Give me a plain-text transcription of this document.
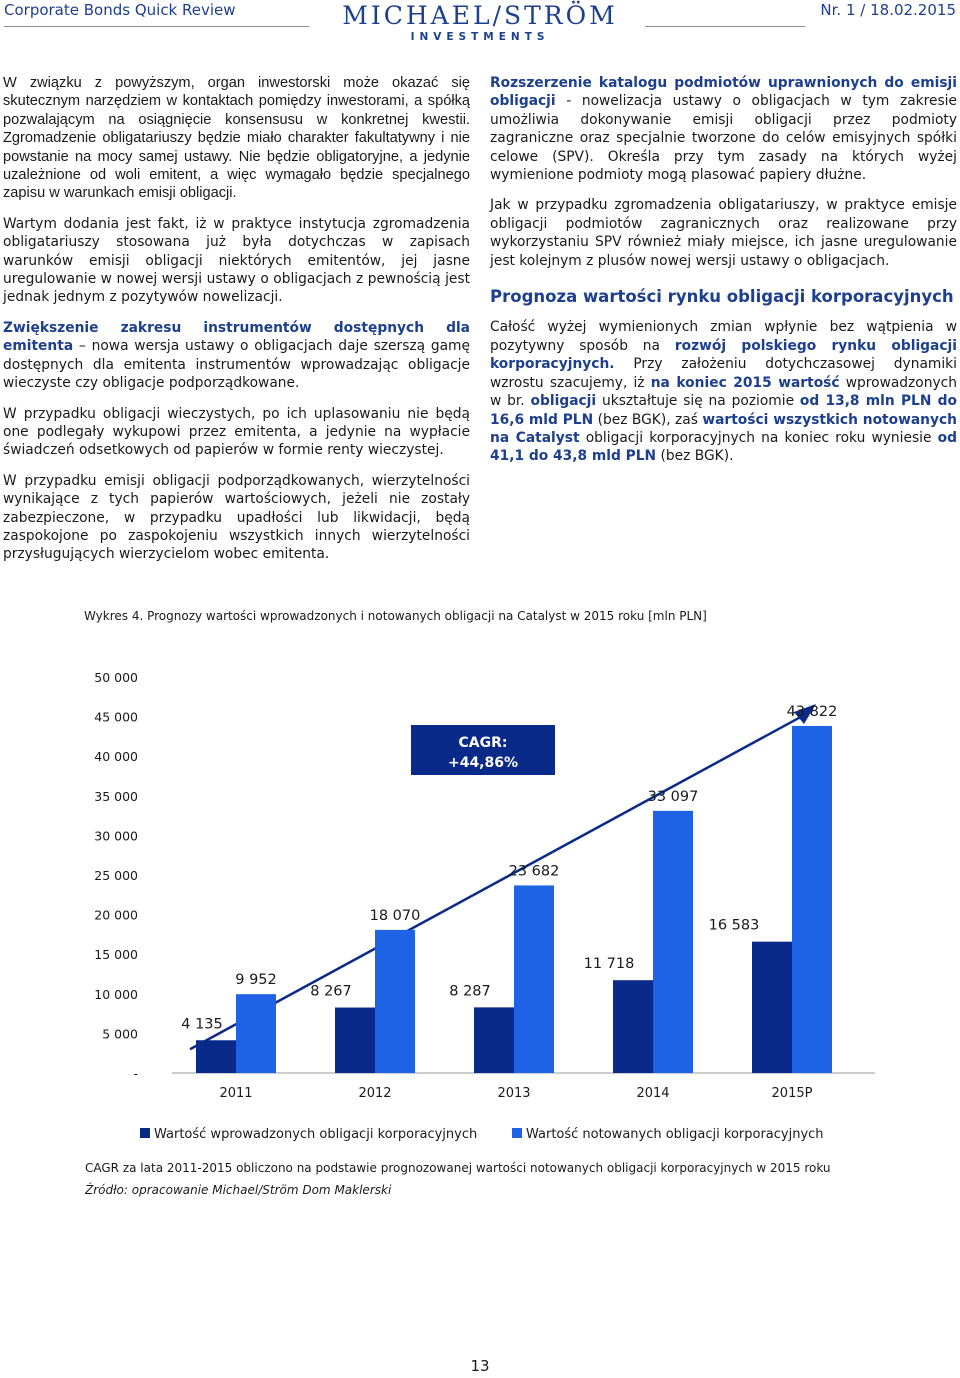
Corporate Bonds Quick Review	MICHAEL/STRÖM
INVESTMENTS
Nr. 1 / 18.02.2015

W związku z powyższym, organ inwestorski może okazać się skutecznym narzędziem w kontaktach pomiędzy inwestorami, a spółką pozwalającym na osiągnięcie konsensusu w konkretnej kwestii. Zgromadzenie obligatariuszy będzie miało charakter fakultatywny i nie powstanie na mocy samej ustawy. Nie będzie obligatoryjne, a jedynie uzależnione od woli emitent, a więc wymagało będzie specjalnego zapisu w warunkach emisji obligacji.

Wartym dodania jest fakt, iż w praktyce instytucja zgromadzenia obligatariuszy stosowana już była dotychczas w zapisach warunków emisji obligacji niektórych emitentów, jej jasne uregulowanie w nowej wersji ustawy o obligacjach z pewnością jest jednak jednym z pozytywów nowelizacji.

Zwiększenie zakresu instrumentów dostępnych dla emitenta – nowa wersja ustawy o obligacjach daje szerszą gamę dostępnych dla emitenta instrumentów wprowadzając obligacje wieczyste czy obligacje podporządkowane.

W przypadku obligacji wieczystych, po ich uplasowaniu nie będą one podlegały wykupowi przez emitenta, a jedynie na wypłacie świadczeń odsetkowych od papierów w formie renty wieczystej.

W przypadku emisji obligacji podporządkowanych, wierzytelności wynikające z tych papierów wartościowych, jeżeli nie zostały zabezpieczone, w przypadku upadłości lub likwidacji, będą zaspokojone po zaspokojeniu wszystkich innych wierzytelności przysługujących wierzycielom wobec emitenta.

Rozszerzenie katalogu podmiotów uprawnionych do emisji obligacji - nowelizacja ustawy o obligacjach w tym zakresie umożliwia dokonywanie emisji obligacji przez podmioty zagraniczne oraz specjalnie tworzone do celów emisyjnych spółki celowe (SPV). Określa przy tym zasady na których wyżej wymienione podmioty mogą plasować papiery dłużne.

Jak w przypadku zgromadzenia obligatariuszy, w praktyce emisje obligacji podmiotów zagranicznych oraz realizowane przy wykorzystaniu SPV również miały miejsce, ich jasne uregulowanie jest kolejnym z plusów nowej wersji ustawy o obligacjach.

Prognoza wartości rynku obligacji korporacyjnych

Całość wyżej wymienionych zmian wpłynie bez wątpienia w pozytywny sposób na rozwój polskiego rynku obligacji korporacyjnych. Przy założeniu dotychczasowej dynamiki wzrostu szacujemy, iż na koniec 2015 wartość wprowadzonych w br. obligacji ukształtuje się na poziomie od 13,8 mln PLN do 16,6 mld PLN (bez BGK), zaś wartości wszystkich notowanych na Catalyst obligacji korporacyjnych na koniec roku wyniesie od 41,1 do 43,8 mld PLN (bez BGK).

Wykres 4. Prognozy wartości wprowadzonych i notowanych obligacji na Catalyst w 2015 roku [mln PLN]
-
5 000
10 000
15 000
20 000
25 000
30 000
35 000
40 000
45 000
50 000
4 135
9 952
2011
8 267
18 070
2012
8 287
23 682
2013
11 718
33 097
2014
16 583
43 822
2015P
CAGR:
+44,86%
Wartość wprowadzonych obligacji korporacyjnych	Wartość notowanych obligacji korporacyjnych
CAGR za lata 2011-2015 obliczono na podstawie prognozowanej wartości notowanych obligacji korporacyjnych w 2015 roku
Źródło: opracowanie Michael/Ström Dom Maklerski
13
